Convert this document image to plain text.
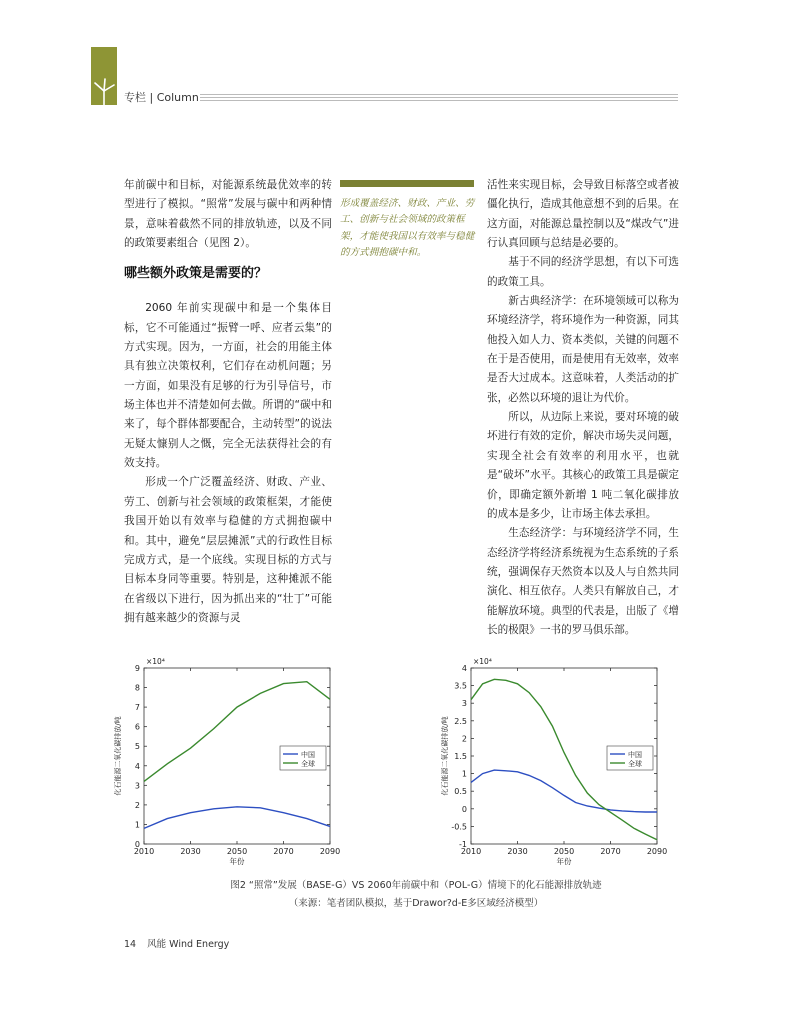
专栏 | Column

年前碳中和目标，对能源系统最优效率的转型进行了模拟。“照常”发展与碳中和两种情景，意味着截然不同的排放轨迹，以及不同的政策要素组合（见图 2）。

哪些额外政策是需要的？

2060 年前实现碳中和是一个集体目标，它不可能通过“振臂一呼、应者云集”的方式实现。因为，一方面，社会的用能主体具有独立决策权利，它们存在动机问题；另一方面，如果没有足够的行为引导信号，市场主体也并不清楚如何去做。所谓的“碳中和来了，每个群体都要配合，主动转型”的说法无疑太慷别人之慨，完全无法获得社会的有效支持。

形成一个广泛覆盖经济、财政、产业、劳工、创新与社会领域的政策框架，才能使我国开始以有效率与稳健的方式拥抱碳中和。其中，避免“层层摊派”式的行政性目标完成方式，是一个底线。实现目标的方式与目标本身同等重要。特别是，这种摊派不能在省级以下进行，因为抓出来的“壮丁”可能拥有越来越少的资源与灵

形成覆盖经济、财政、产业、劳工、创新与社会领域的政策框架，才能使我国以有效率与稳健的方式拥抱碳中和。

活性来实现目标，会导致目标落空或者被僵化执行，造成其他意想不到的后果。在这方面，对能源总量控制以及“煤改气”进行认真回顾与总结是必要的。

基于不同的经济学思想，有以下可选的政策工具。

新古典经济学：在环境领域可以称为环境经济学，将环境作为一种资源，同其他投入如人力、资本类似，关键的问题不在于是否使用，而是使用有无效率，效率是否大过成本。这意味着，人类活动的扩张，必然以环境的退让为代价。

所以，从边际上来说，要对环境的破坏进行有效的定价，解决市场失灵问题，实现全社会有效率的利用水平，也就是“破坏”水平。其核心的政策工具是碳定价，即确定额外新增 1 吨二氧化碳排放的成本是多少，让市场主体去承担。

生态经济学：与环境经济学不同，生态经济学将经济系统视为生态系统的子系统，强调保存天然资本以及人与自然共同演化、相互依存。人类只有解放自己，才能解放环境。典型的代表是，出版了《增长的极限》一书的罗马俱乐部。

0
1
2
3
4
5
6
7
8
9
2010	2030	2050	2070	2090
×10⁴
年份
化石能源二氧化碳排放/吨	中国
全球
-1
-0.5
0
0.5
1
1.5
2
2.5
3
3.5
4
2010	2030	2050	2070	2090
×10⁴
年份
化石能源二氧化碳排放/吨	中国
全球
图2 “照常”发展（BASE-G）VS 2060年前碳中和（POL-G）情境下的化石能源排放轨迹
（来源：笔者团队模拟，基于Drawor?d-E多区域经济模型）
14 风能 Wind Energy
